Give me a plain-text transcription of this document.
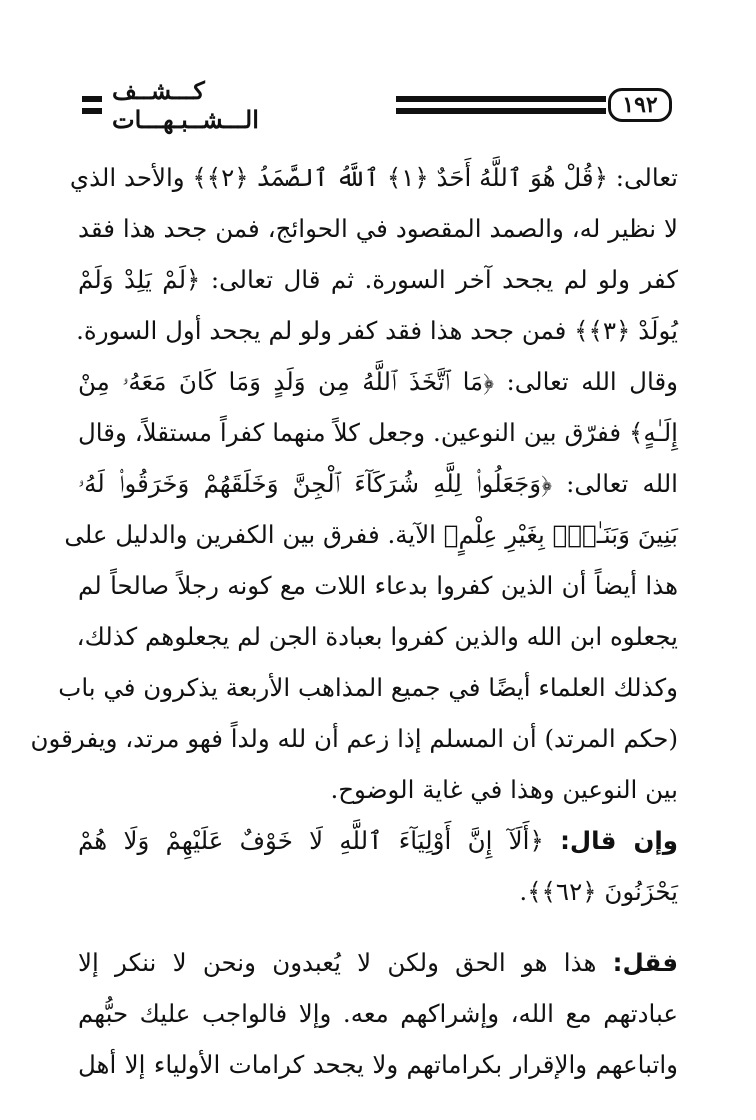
كـــشــف الـــشــبـهـــات	١٩٢

تعالى: ﴿قُلْ هُوَ ٱللَّهُ أَحَدٌ ﴿١﴾ ٱللَّهُ ٱلصَّمَدُ ﴿٢﴾﴾ والأحد الذي
لا نظير له، والصمد المقصود في الحوائج، فمن جحد هذا فقد
كفر ولو لم يجحد آخر السورة. ثم قال تعالى: ﴿لَمْ يَلِدْ وَلَمْ
يُولَدْ ﴿٣﴾﴾ فمن جحد هذا فقد كفر ولو لم يجحد أول السورة.
وقال الله تعالى: ﴿مَا ٱتَّخَذَ ٱللَّهُ مِن وَلَدٍ وَمَا كَانَ مَعَهُۥ مِنْ
إِلَـٰهٍ﴾ ففرّق بين النوعين. وجعل كلاً منهما كفراً مستقلاً، وقال
الله تعالى: ﴿وَجَعَلُوا۟ لِلَّهِ شُرَكَآءَ ٱلْجِنَّ وَخَلَقَهُمْ وَخَرَقُوا۟ لَهُۥ
بَنِينَ وَبَنَـٰتٍۭ بِغَيْرِ عِلْمٍ﴾ الآية. ففرق بين الكفرين والدليل على
هذا أيضاً أن الذين كفروا بدعاء اللات مع كونه رجلاً صالحاً لم
يجعلوه ابن الله والذين كفروا بعبادة الجن لم يجعلوهم كذلك،
وكذلك العلماء أيضًا في جميع المذاهب الأربعة يذكرون في باب
(حكم المرتد) أن المسلم إذا زعم أن لله ولداً فهو مرتد، ويفرقون
بين النوعين وهذا في غاية الوضوح.

وإن قال: ﴿أَلَآ إِنَّ أَوْلِيَآءَ ٱللَّهِ لَا خَوْفٌ عَلَيْهِمْ وَلَا هُمْ
يَحْزَنُونَ ﴿٦٢﴾﴾.

فقل: هذا هو الحق ولكن لا يُعبدون ونحن لا ننكر إلا
عبادتهم مع الله، وإشراكهم معه. وإلا فالواجب عليك حبُّهم
واتباعهم والإقرار بكراماتهم ولا يجحد كرامات الأولياء إلا أهل
